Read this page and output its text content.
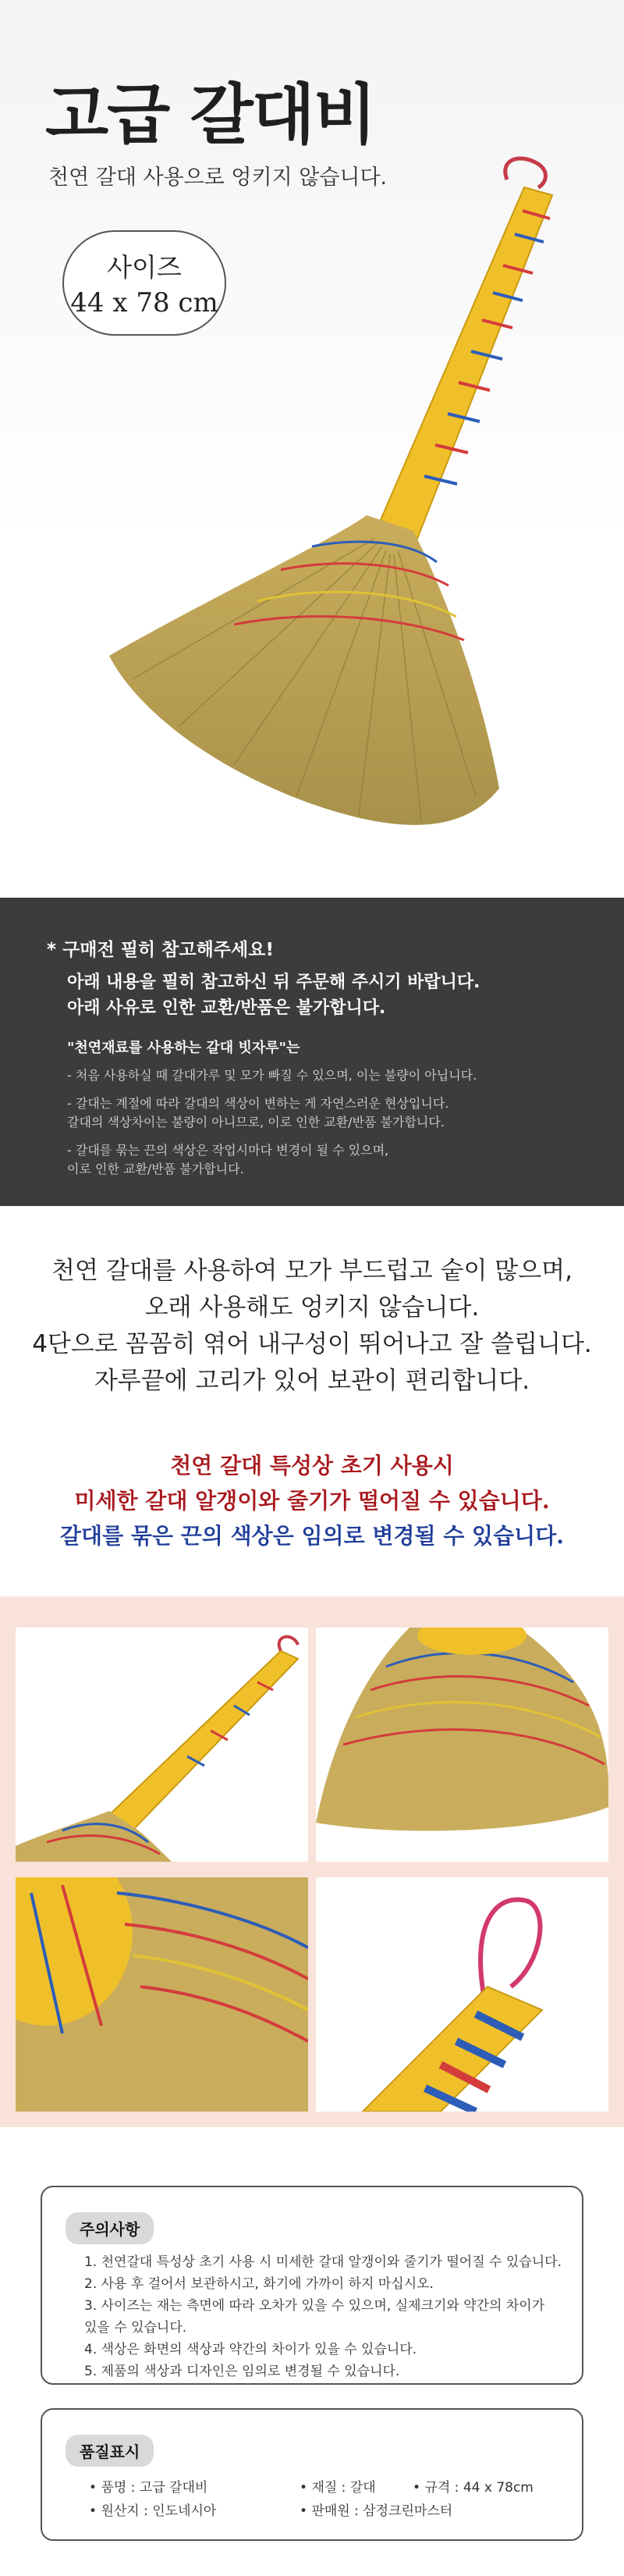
고급 갈대비
천연 갈대 사용으로 엉키지 않습니다.
사이즈
44 x 78 cm
* 구매전 필히 참고해주세요!
아래 내용을 필히 참고하신 뒤 주문해 주시기 바랍니다.
아래 사유로 인한 교환/반품은 불가합니다.
"천연재료를 사용하는 갈대 빗자루"는
- 처음 사용하실 때 갈대가루 및 모가 빠질 수 있으며, 이는 불량이 아닙니다.
- 갈대는 계절에 따라 갈대의 색상이 변하는 게 자연스러운 현상입니다.
갈대의 색상차이는 불량이 아니므로, 이로 인한 교환/반품 불가합니다.
- 갈대를 묶는 끈의 색상은 작업시마다 변경이 될 수 있으며,
이로 인한 교환/반품 불가합니다.
천연 갈대를 사용하여 모가 부드럽고 숱이 많으며,
오래 사용해도 엉키지 않습니다.
4단으로 꼼꼼히 엮어 내구성이 뛰어나고 잘 쓸립니다.
자루끝에 고리가 있어 보관이 편리합니다.
천연 갈대 특성상 초기 사용시
미세한 갈대 알갱이와 줄기가 떨어질 수 있습니다.
갈대를 묶은 끈의 색상은 임의로 변경될 수 있습니다.
주의사항
1. 천연갈대 특성상 초기 사용 시 미세한 갈대 알갱이와 줄기가 떨어질 수 있습니다.
2. 사용 후 걸어서 보관하시고, 화기에 가까이 하지 마십시오.
3. 사이즈는 재는 측면에 따라 오차가 있을 수 있으며, 실제크기와 약간의 차이가
있을 수 있습니다.
4. 색상은 화면의 색상과 약간의 차이가 있을 수 있습니다.
5. 제품의 색상과 디자인은 임의로 변경될 수 있습니다.
품질표시
• 품명 : 고급 갈대비	• 재질 : 갈대	• 규격 : 44 x 78cm
• 원산지 : 인도네시아	• 판매원 : 삼정크린마스터
